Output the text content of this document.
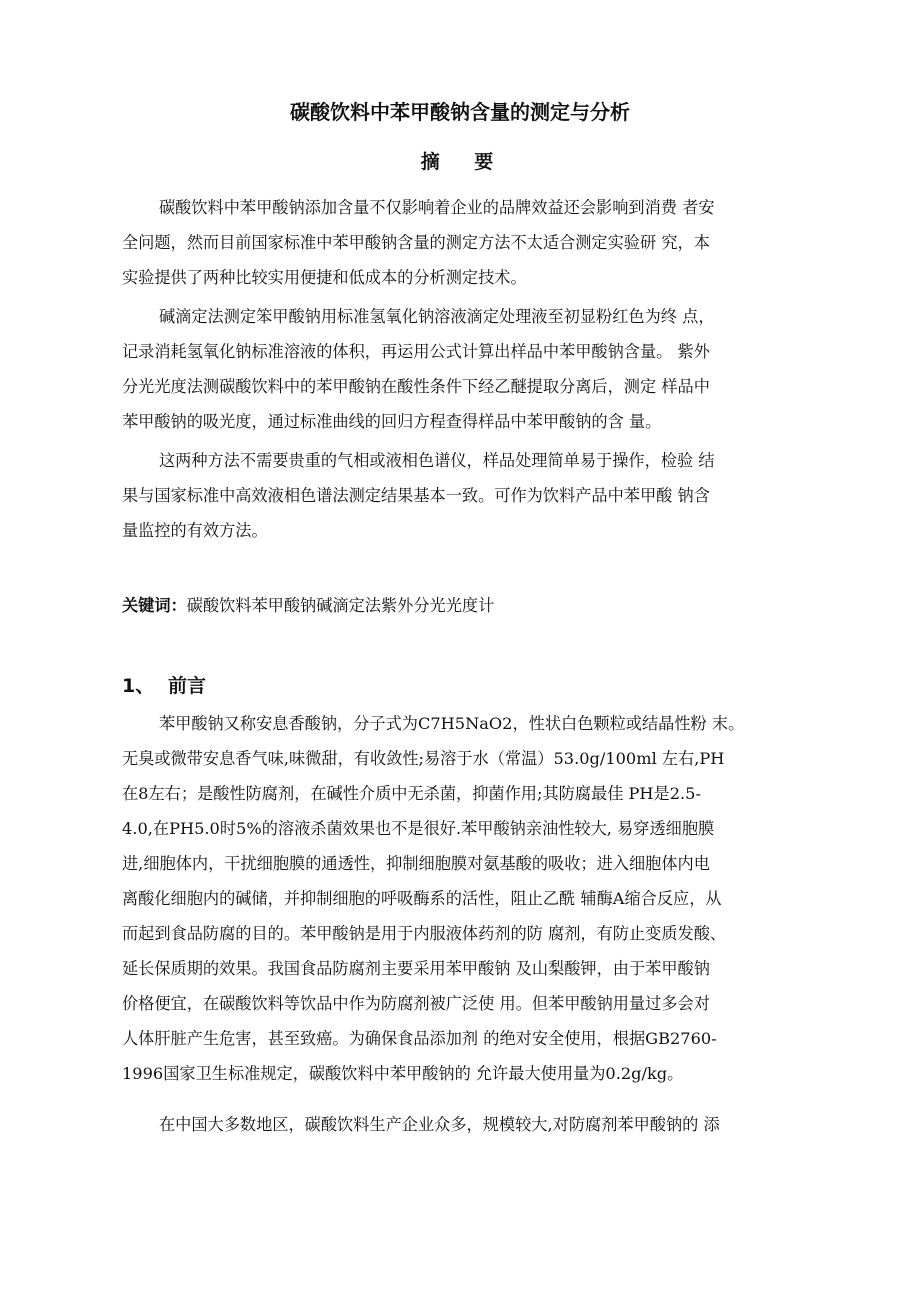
碳酸饮料中苯甲酸钠含量的测定与分析
摘 要
碳酸饮料中苯甲酸钠添加含量不仅影响着企业的品牌效益还会影响到消费 者安
全问题，然而目前国家标准中苯甲酸钠含量的测定方法不太适合测定实验研 究，本
实验提供了两种比较实用便捷和低成本的分析测定技术。
碱滴定法测定笨甲酸钠用标准氢氧化钠溶液滴定处理液至初显粉红色为终 点，
记录消耗氢氧化钠标准溶液的体积，再运用公式计算出样品中苯甲酸钠含量。 紫外
分光光度法测碳酸饮料中的苯甲酸钠在酸性条件下经乙醚提取分离后，测定 样品中
苯甲酸钠的吸光度，通过标准曲线的回归方程查得样品中苯甲酸钠的含 量。
这两种方法不需要贵重的气相或液相色谱仪，样品处理简单易于操作，检验 结
果与国家标准中高效液相色谱法测定结果基本一致。可作为饮料产品中苯甲酸 钠含
量监控的有效方法。
关键词：碳酸饮料苯甲酸钠碱滴定法紫外分光光度计
1、 前言
苯甲酸钠又称安息香酸钠，分子式为C7H5NaO2，性状白色颗粒或结晶性粉 末。
无臭或微带安息香气味,味微甜，有收敛性;易溶于水（常温）53.0g/100ml 左右,PH
在8左右；是酸性防腐剂，在碱性介质中无杀菌，抑菌作用;其防腐最佳 PH是2.5-
4.0,在PH5.0时5%的溶液杀菌效果也不是很好.苯甲酸钠亲油性较大, 易穿透细胞膜
进,细胞体内，干扰细胞膜的通透性，抑制细胞膜对氨基酸的吸收；进入细胞体内电
离酸化细胞内的碱储，并抑制细胞的呼吸酶系的活性，阻止乙酰 辅酶A缩合反应，从
而起到食品防腐的目的。苯甲酸钠是用于内服液体药剂的防 腐剂，有防止变质发酸、
延长保质期的效果。我国食品防腐剂主要采用苯甲酸钠 及山梨酸钾，由于苯甲酸钠
价格便宜，在碳酸饮料等饮品中作为防腐剂被广泛使 用。但苯甲酸钠用量过多会对
人体肝脏产生危害，甚至致癌。为确保食品添加剂 的绝对安全使用，根据GB2760-
1996国家卫生标准规定，碳酸饮料中苯甲酸钠的 允许最大使用量为0.2g/kg。
在中国大多数地区，碳酸饮料生产企业众多，规模较大,对防腐剂苯甲酸钠的 添
